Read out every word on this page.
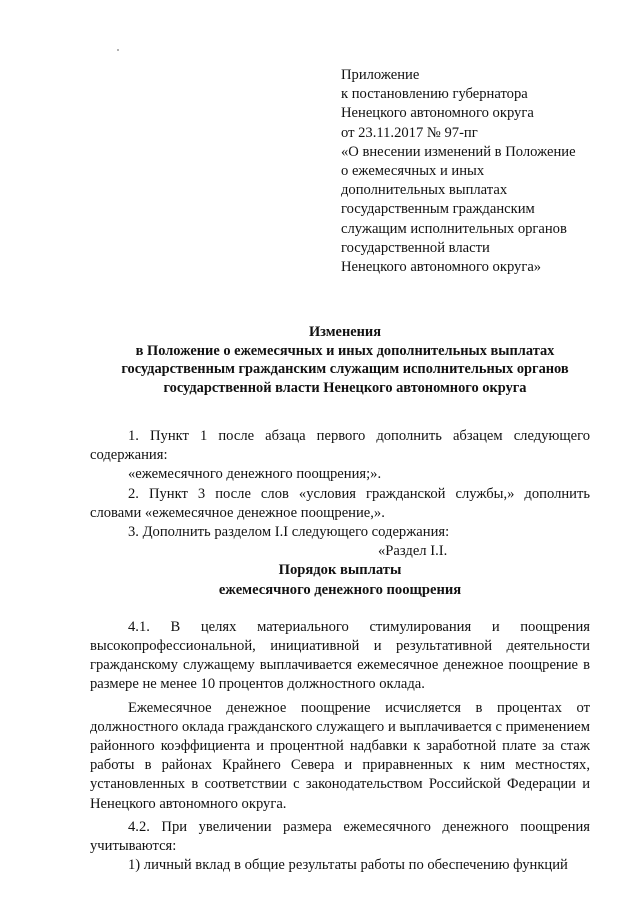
Приложение
к постановлению губернатора
Ненецкого автономного округа
от 23.11.2017 № 97-пг
«О внесении изменений в Положение
о ежемесячных и иных
дополнительных выплатах
государственным гражданским
служащим исполнительных органов
государственной власти
Ненецкого автономного округа»
Изменения
в Положение о ежемесячных и иных дополнительных выплатах
государственным гражданским служащим исполнительных органов
государственной власти Ненецкого автономного округа
1. Пункт 1 после абзаца первого дополнить абзацем следующего содержания:
«ежемесячного денежного поощрения;».
2. Пункт 3 после слов «условия гражданской службы,» дополнить словами «ежемесячное денежное поощрение,».
3. Дополнить разделом I.I следующего содержания:
«Раздел I.I.
Порядок выплаты
ежемесячного денежного поощрения
4.1. В целях материального стимулирования и поощрения высокопрофессиональной, инициативной и результативной деятельности гражданскому служащему выплачивается ежемесячное денежное поощрение в размере не менее 10 процентов должностного оклада.
Ежемесячное денежное поощрение исчисляется в процентах от должностного оклада гражданского служащего и выплачивается с применением районного коэффициента и процентной надбавки к заработной плате за стаж работы в районах Крайнего Севера и приравненных к ним местностях, установленных в соответствии с законодательством Российской Федерации и Ненецкого автономного округа.
4.2. При увеличении размера ежемесячного денежного поощрения учитываются:
1) личный вклад в общие результаты работы по обеспечению функций
